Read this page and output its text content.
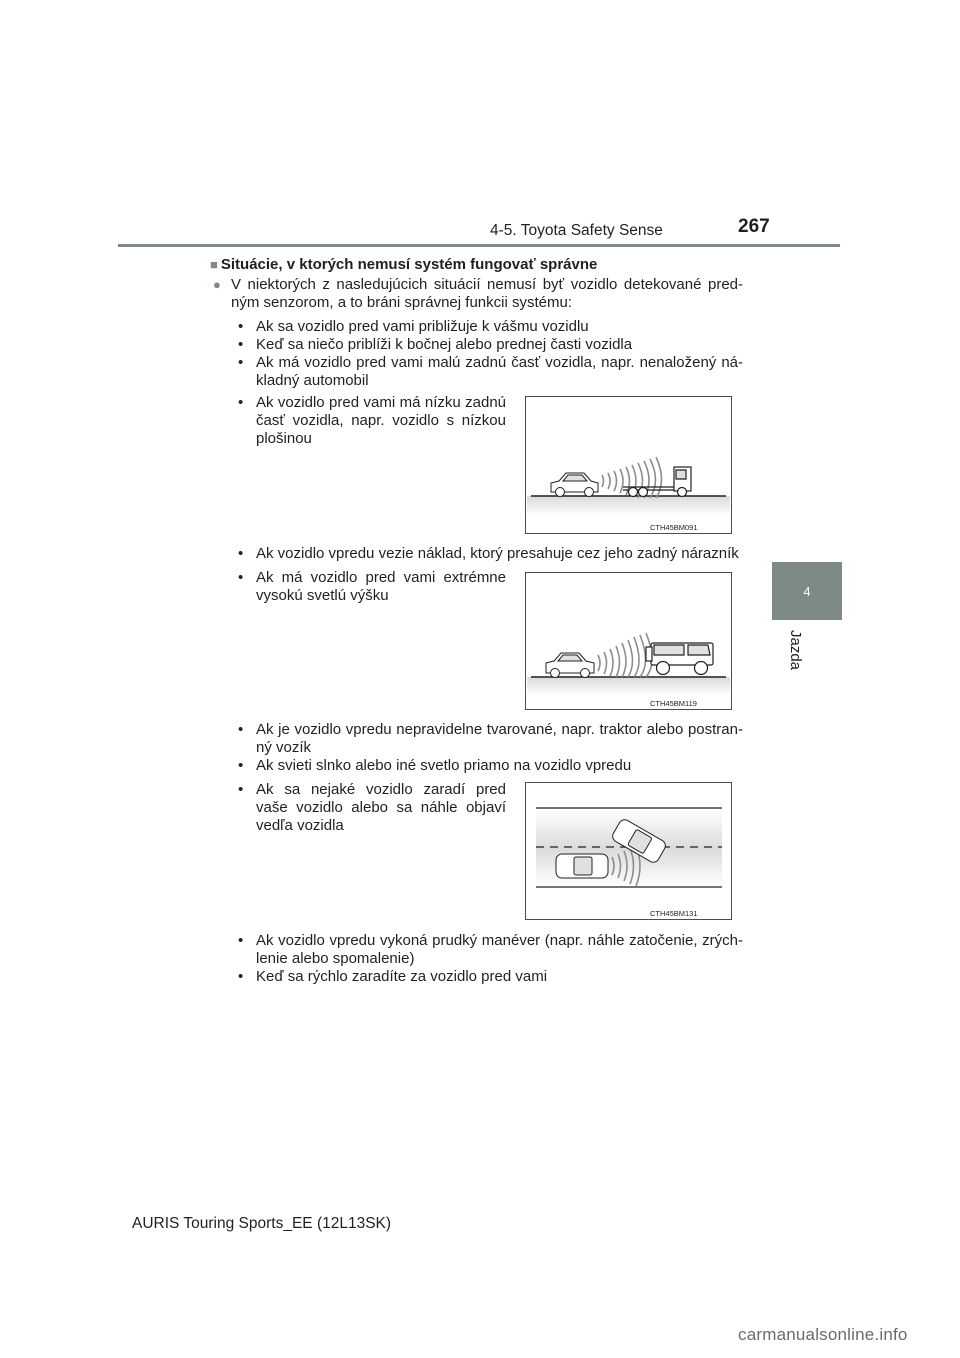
4-5. Toyota Safety Sense	267
4
Jazda
■ Situácie, v ktorých nemusí systém fungovať správne
● V niektorých z nasledujúcich situácií nemusí byť vozidlo detekované pred-ným senzorom, a to bráni správnej funkcii systému:
• Ak sa vozidlo pred vami približuje k vášmu vozidlu
• Keď sa niečo priblíži k bočnej alebo prednej časti vozidla
• Ak má vozidlo pred vami malú zadnú časť vozidla, napr. nenaložený ná-kladný automobil
• Ak vozidlo pred vami má nízku zadnú časť vozidla, napr. vozidlo s nízkou plošinou
CTH45BM091
• Ak vozidlo vpredu vezie náklad, ktorý presahuje cez jeho zadný nárazník
• Ak má vozidlo pred vami extrémne vysokú svetlú výšku
CTH45BM119
• Ak je vozidlo vpredu nepravidelne tvarované, napr. traktor alebo postran-ný vozík
• Ak svieti slnko alebo iné svetlo priamo na vozidlo vpredu
• Ak sa nejaké vozidlo zaradí pred vaše vozidlo alebo sa náhle objaví vedľa vozidla
CTH45BM131
• Ak vozidlo vpredu vykoná prudký manéver (napr. náhle zatočenie, zrých-lenie alebo spomalenie)
• Keď sa rýchlo zaradíte za vozidlo pred vami
AURIS Touring Sports_EE (12L13SK)
carmanualsonline.info
